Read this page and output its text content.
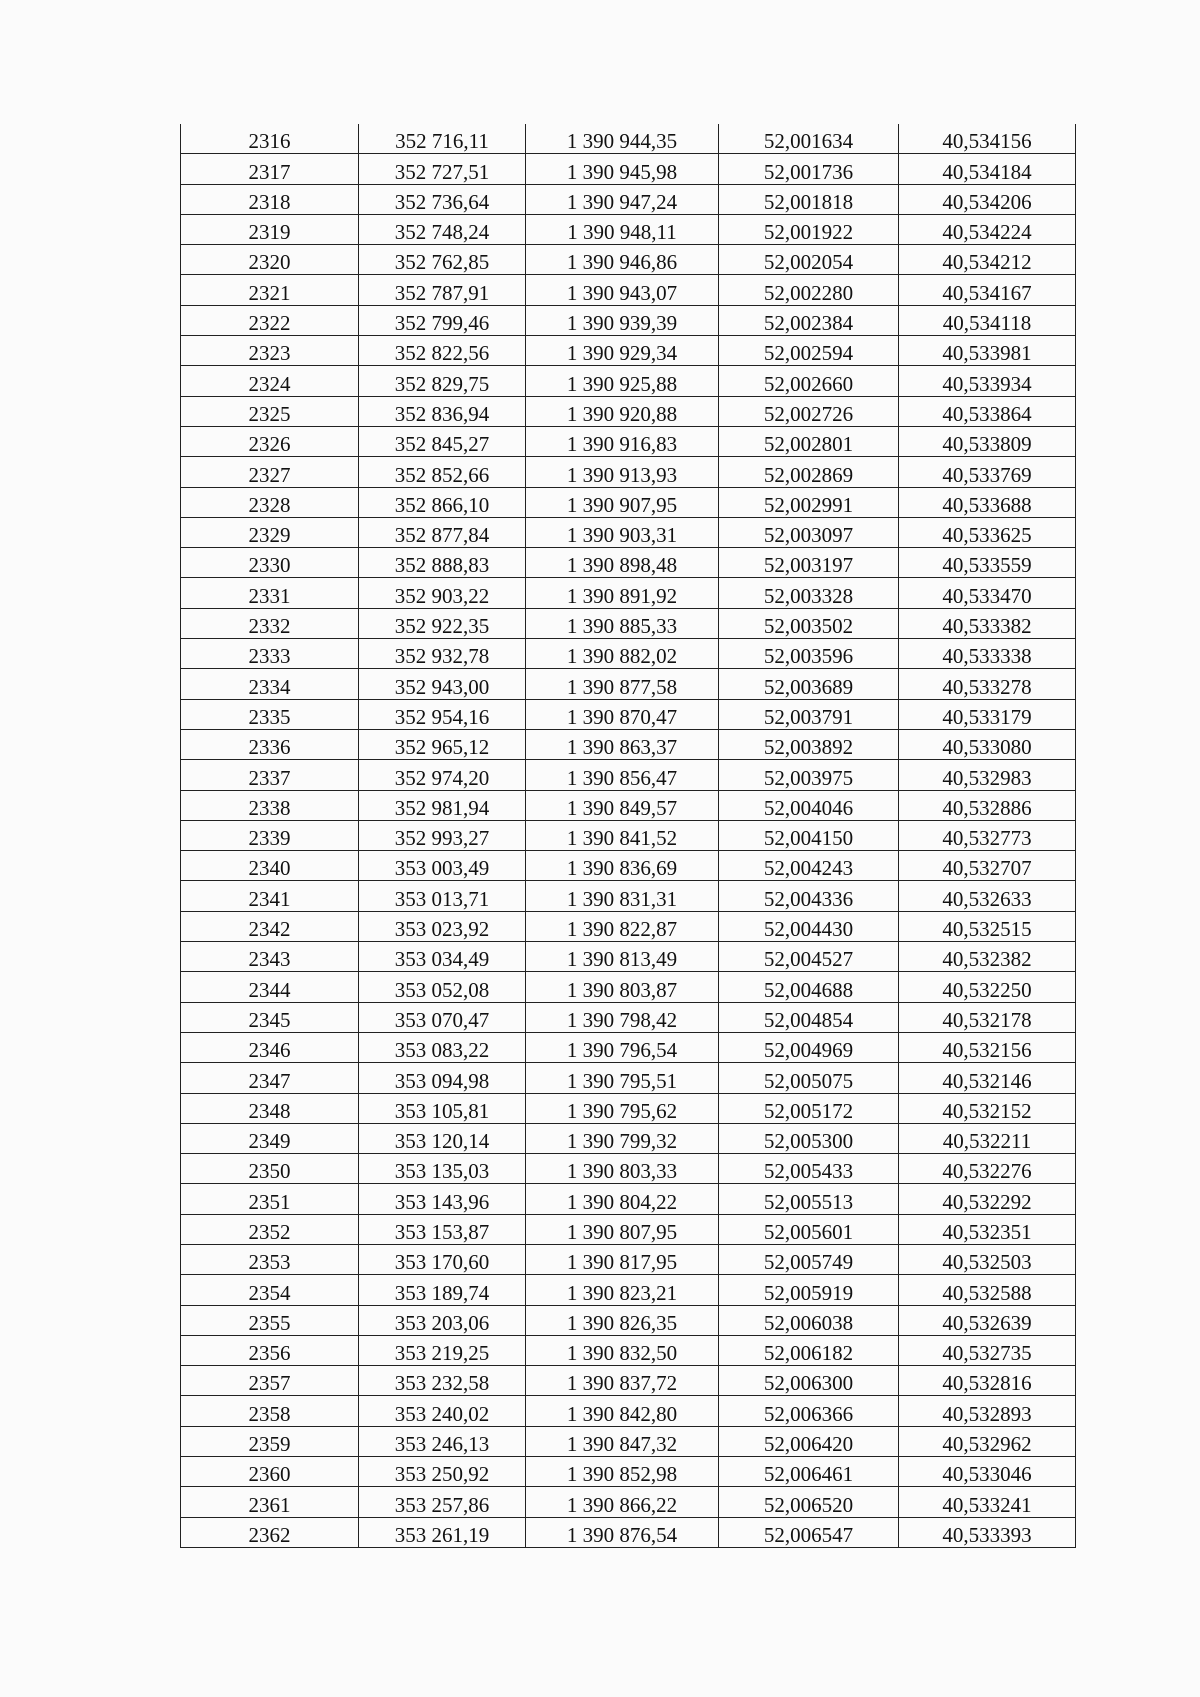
2316	352 716,11	1 390 944,35	52,001634	40,534156
2317	352 727,51	1 390 945,98	52,001736	40,534184
2318	352 736,64	1 390 947,24	52,001818	40,534206
2319	352 748,24	1 390 948,11	52,001922	40,534224
2320	352 762,85	1 390 946,86	52,002054	40,534212
2321	352 787,91	1 390 943,07	52,002280	40,534167
2322	352 799,46	1 390 939,39	52,002384	40,534118
2323	352 822,56	1 390 929,34	52,002594	40,533981
2324	352 829,75	1 390 925,88	52,002660	40,533934
2325	352 836,94	1 390 920,88	52,002726	40,533864
2326	352 845,27	1 390 916,83	52,002801	40,533809
2327	352 852,66	1 390 913,93	52,002869	40,533769
2328	352 866,10	1 390 907,95	52,002991	40,533688
2329	352 877,84	1 390 903,31	52,003097	40,533625
2330	352 888,83	1 390 898,48	52,003197	40,533559
2331	352 903,22	1 390 891,92	52,003328	40,533470
2332	352 922,35	1 390 885,33	52,003502	40,533382
2333	352 932,78	1 390 882,02	52,003596	40,533338
2334	352 943,00	1 390 877,58	52,003689	40,533278
2335	352 954,16	1 390 870,47	52,003791	40,533179
2336	352 965,12	1 390 863,37	52,003892	40,533080
2337	352 974,20	1 390 856,47	52,003975	40,532983
2338	352 981,94	1 390 849,57	52,004046	40,532886
2339	352 993,27	1 390 841,52	52,004150	40,532773
2340	353 003,49	1 390 836,69	52,004243	40,532707
2341	353 013,71	1 390 831,31	52,004336	40,532633
2342	353 023,92	1 390 822,87	52,004430	40,532515
2343	353 034,49	1 390 813,49	52,004527	40,532382
2344	353 052,08	1 390 803,87	52,004688	40,532250
2345	353 070,47	1 390 798,42	52,004854	40,532178
2346	353 083,22	1 390 796,54	52,004969	40,532156
2347	353 094,98	1 390 795,51	52,005075	40,532146
2348	353 105,81	1 390 795,62	52,005172	40,532152
2349	353 120,14	1 390 799,32	52,005300	40,532211
2350	353 135,03	1 390 803,33	52,005433	40,532276
2351	353 143,96	1 390 804,22	52,005513	40,532292
2352	353 153,87	1 390 807,95	52,005601	40,532351
2353	353 170,60	1 390 817,95	52,005749	40,532503
2354	353 189,74	1 390 823,21	52,005919	40,532588
2355	353 203,06	1 390 826,35	52,006038	40,532639
2356	353 219,25	1 390 832,50	52,006182	40,532735
2357	353 232,58	1 390 837,72	52,006300	40,532816
2358	353 240,02	1 390 842,80	52,006366	40,532893
2359	353 246,13	1 390 847,32	52,006420	40,532962
2360	353 250,92	1 390 852,98	52,006461	40,533046
2361	353 257,86	1 390 866,22	52,006520	40,533241
2362	353 261,19	1 390 876,54	52,006547	40,533393
